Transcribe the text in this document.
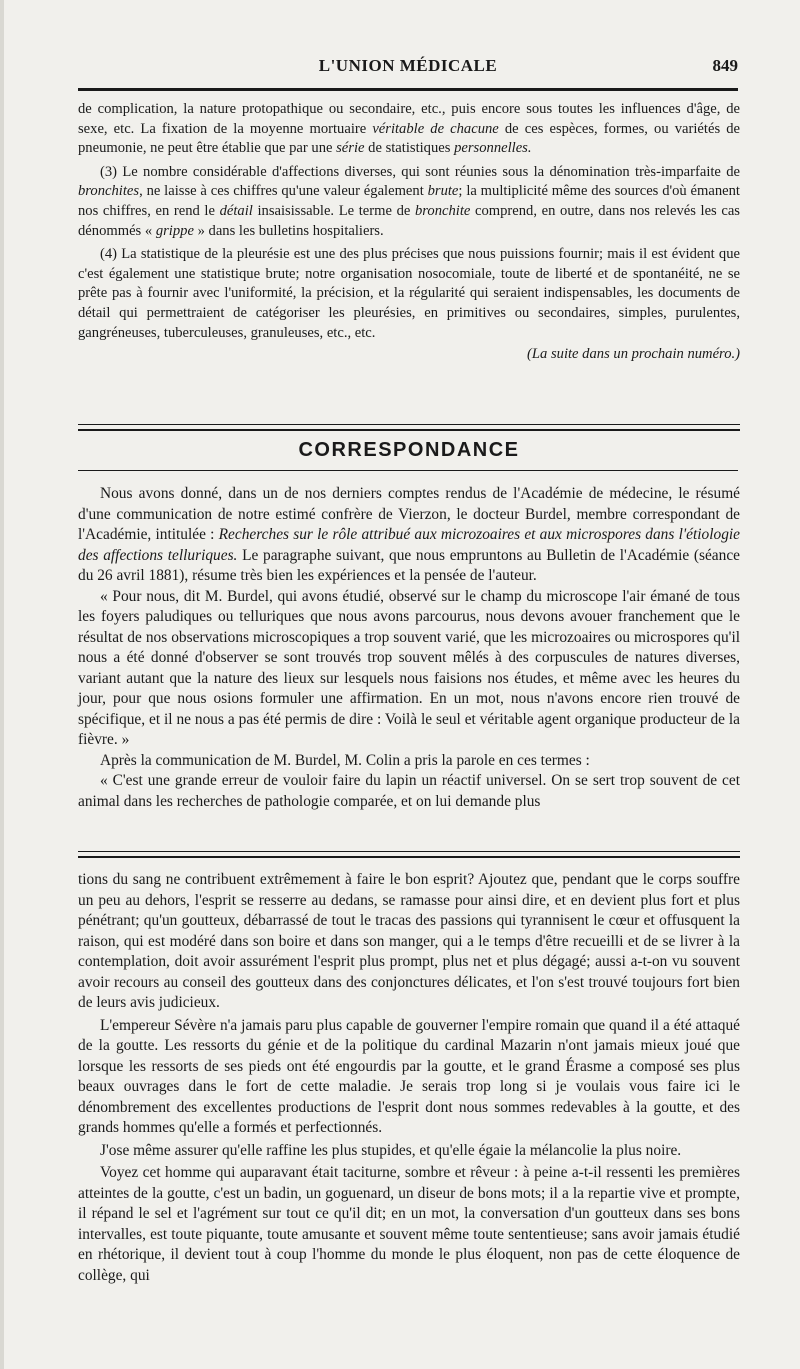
L'UNION MÉDICALE	849

de complication, la nature protopathique ou secondaire, etc., puis encore sous toutes les influences d'âge, de sexe, etc. La fixation de la moyenne mortuaire véritable de chacune de ces espèces, formes, ou variétés de pneumonie, ne peut être établie que par une série de statistiques personnelles.

(3) Le nombre considérable d'affections diverses, qui sont réunies sous la dénomination très-imparfaite de bronchites, ne laisse à ces chiffres qu'une valeur également brute; la multiplicité même des sources d'où émanent nos chiffres, en rend le détail insaisissable. Le terme de bronchite comprend, en outre, dans nos relevés les cas dénommés « grippe » dans les bulletins hospitaliers.

(4) La statistique de la pleurésie est une des plus précises que nous puissions fournir; mais il est évident que c'est également une statistique brute; notre organisation nosocomiale, toute de liberté et de spontanéité, ne se prête pas à fournir avec l'uniformité, la précision, et la régularité qui seraient indispensables, les documents de détail qui permettraient de catégoriser les pleurésies, en primitives ou secondaires, simples, purulentes, gangréneuses, tuberculeuses, granuleuses, etc., etc.

(La suite dans un prochain numéro.)

CORRESPONDANCE

Nous avons donné, dans un de nos derniers comptes rendus de l'Académie de médecine, le résumé d'une communication de notre estimé confrère de Vierzon, le docteur Burdel, membre correspondant de l'Académie, intitulée : Recherches sur le rôle attribué aux microzoaires et aux microspores dans l'étiologie des affections telluriques. Le paragraphe suivant, que nous empruntons au Bulletin de l'Académie (séance du 26 avril 1881), résume très bien les expériences et la pensée de l'auteur.

« Pour nous, dit M. Burdel, qui avons étudié, observé sur le champ du microscope l'air émané de tous les foyers paludiques ou telluriques que nous avons parcourus, nous devons avouer franchement que le résultat de nos observations microscopiques a trop souvent varié, que les microzoaires ou microspores qu'il nous a été donné d'observer se sont trouvés trop souvent mêlés à des corpuscules de natures diverses, variant autant que la nature des lieux sur lesquels nous faisions nos études, et même avec les heures du jour, pour que nous osions formuler une affirmation. En un mot, nous n'avons encore rien trouvé de spécifique, et il ne nous a pas été permis de dire : Voilà le seul et véritable agent organique producteur de la fièvre. »

Après la communication de M. Burdel, M. Colin a pris la parole en ces termes :

« C'est une grande erreur de vouloir faire du lapin un réactif universel. On se sert trop souvent de cet animal dans les recherches de pathologie comparée, et on lui demande plus

tions du sang ne contribuent extrêmement à faire le bon esprit? Ajoutez que, pendant que le corps souffre un peu au dehors, l'esprit se resserre au dedans, se ramasse pour ainsi dire, et en devient plus fort et plus pénétrant; qu'un goutteux, débarrassé de tout le tracas des passions qui tyrannisent le cœur et offusquent la raison, qui est modéré dans son boire et dans son manger, qui a le temps d'être recueilli et de se livrer à la contemplation, doit avoir assurément l'esprit plus prompt, plus net et plus dégagé; aussi a-t-on vu souvent avoir recours au conseil des goutteux dans des conjonctures délicates, et l'on s'est trouvé toujours fort bien de leurs avis judicieux.

L'empereur Sévère n'a jamais paru plus capable de gouverner l'empire romain que quand il a été attaqué de la goutte. Les ressorts du génie et de la politique du cardinal Mazarin n'ont jamais mieux joué que lorsque les ressorts de ses pieds ont été engourdis par la goutte, et le grand Érasme a composé ses plus beaux ouvrages dans le fort de cette maladie. Je serais trop long si je voulais vous faire ici le dénombrement des excellentes productions de l'esprit dont nous sommes redevables à la goutte, et des grands hommes qu'elle a formés et perfectionnés.

J'ose même assurer qu'elle raffine les plus stupides, et qu'elle égaie la mélancolie la plus noire.

Voyez cet homme qui auparavant était taciturne, sombre et rêveur : à peine a-t-il ressenti les premières atteintes de la goutte, c'est un badin, un goguenard, un diseur de bons mots; il a la repartie vive et prompte, il répand le sel et l'agrément sur tout ce qu'il dit; en un mot, la conversation d'un goutteux dans ses bons intervalles, est toute piquante, toute amusante et souvent même toute sententieuse; sans avoir jamais étudié en rhétorique, il devient tout à coup l'homme du monde le plus éloquent, non pas de cette éloquence de collège, qui
